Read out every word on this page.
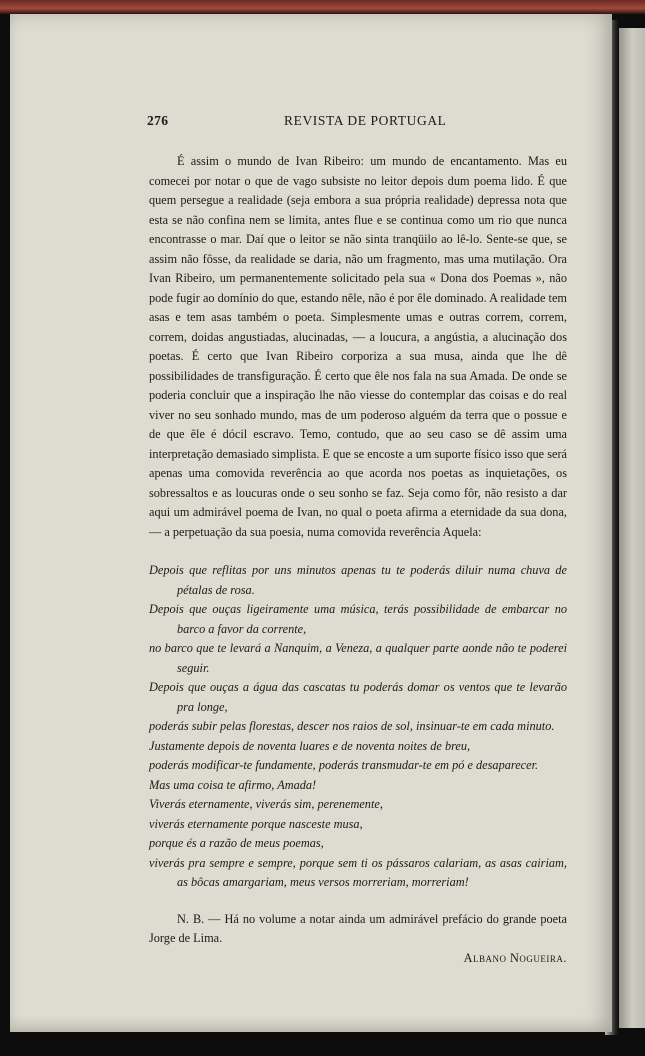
276	REVISTA DE PORTUGAL

É assim o mundo de Ivan Ribeiro: um mundo de encantamento. Mas eu comecei por notar o que de vago subsiste no leitor depois dum poema lido. É que quem persegue a realidade (seja embora a sua própria realidade) depressa nota que esta se não confina nem se limita, antes flue e se continua como um rio que nunca encontrasse o mar. Daí que o leitor se não sinta tranqüilo ao lê-lo. Sente-se que, se assim não fôsse, da realidade se daria, não um fragmento, mas uma mutilação. Ora Ivan Ribeiro, um permanentemente solicitado pela sua « Dona dos Poemas », não pode fugir ao domínio do que, estando nêle, não é por êle dominado. A realidade tem asas e tem asas também o poeta. Simplesmente umas e outras correm, correm, correm, doidas angustiadas, alucinadas, — a loucura, a angústia, a alucinação dos poetas. É certo que Ivan Ribeiro corporiza a sua musa, ainda que lhe dê possibilidades de transfiguração. É certo que êle nos fala na sua Amada. De onde se poderia concluir que a inspiração lhe não viesse do contemplar das coisas e do real viver no seu sonhado mundo, mas de um poderoso alguém da terra que o possue e de que êle é dócil escravo. Temo, contudo, que ao seu caso se dê assim uma interpretação demasiado simplista. E que se encoste a um suporte físico isso que será apenas uma comovida reverência ao que acorda nos poetas as inquietações, os sobressaltos e as loucuras onde o seu sonho se faz. Seja como fôr, não resisto a dar aqui um admirável poema de Ivan, no qual o poeta afirma a eternidade da sua dona, — a perpetuação da sua poesia, numa comovida reverência Aquela:

Depois que reflitas por uns minutos apenas tu te poderás diluir numa chuva de pétalas de rosa.
Depois que ouças ligeiramente uma música, terás possibilidade de embarcar no barco a favor da corrente,
no barco que te levará a Nanquim, a Veneza, a qualquer parte aonde não te poderei seguir.
Depois que ouças a água das cascatas tu poderás domar os ventos que te levarão pra longe,
poderás subir pelas florestas, descer nos raios de sol, insinuar-te em cada minuto.
Justamente depois de noventa luares e de noventa noites de breu,
poderás modificar-te fundamente, poderás transmudar-te em pó e desaparecer.
Mas uma coisa te afirmo, Amada!
Viverás eternamente, viverás sim, perenemente,
viverás eternamente porque nasceste musa,
porque és a razão de meus poemas,
viverás pra sempre e sempre, porque sem ti os pássaros calariam, as asas cairiam, as bôcas amargariam, meus versos morreriam, morreriam!

N. B. — Há no volume a notar ainda um admirável prefácio do grande poeta Jorge de Lima.

Albano Nogueira.
